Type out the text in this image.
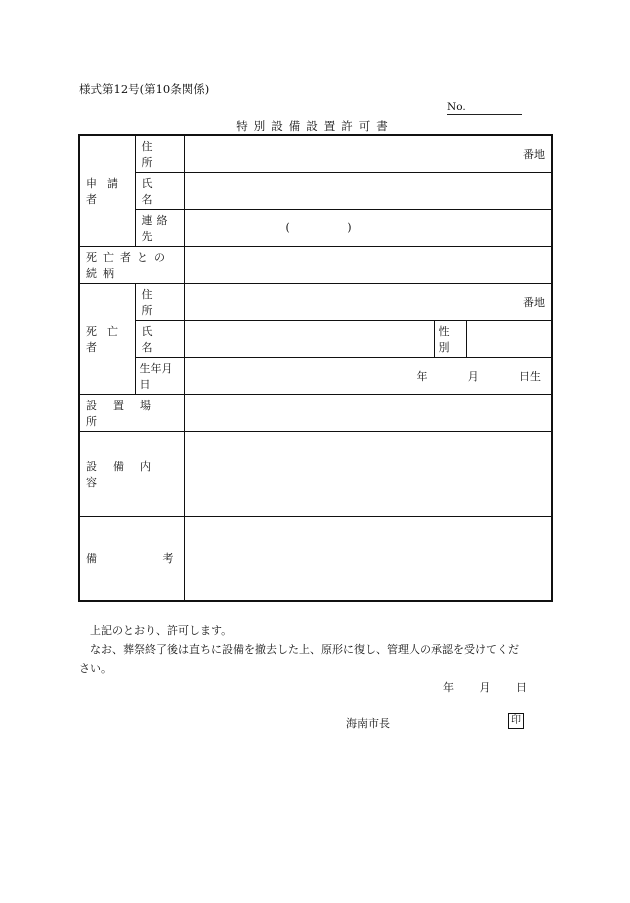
様式第12号(第10条関係)
No.
特別設備設置許可書
申請者	住　所	番地		
	氏　名			
	連絡先	( )		
死亡者との続柄				
死亡者	住　所	番地		
	氏　名		性別	
	生年月日	年 月 日生		

設置場所				
設備内容				

備 考				

上記のとおり、許可します。
なお、葬祭終了後は直ちに設備を撤去した上、原形に復し、管理人の承認を受けてくだ
さい。
年 月 日
海南市長	印
